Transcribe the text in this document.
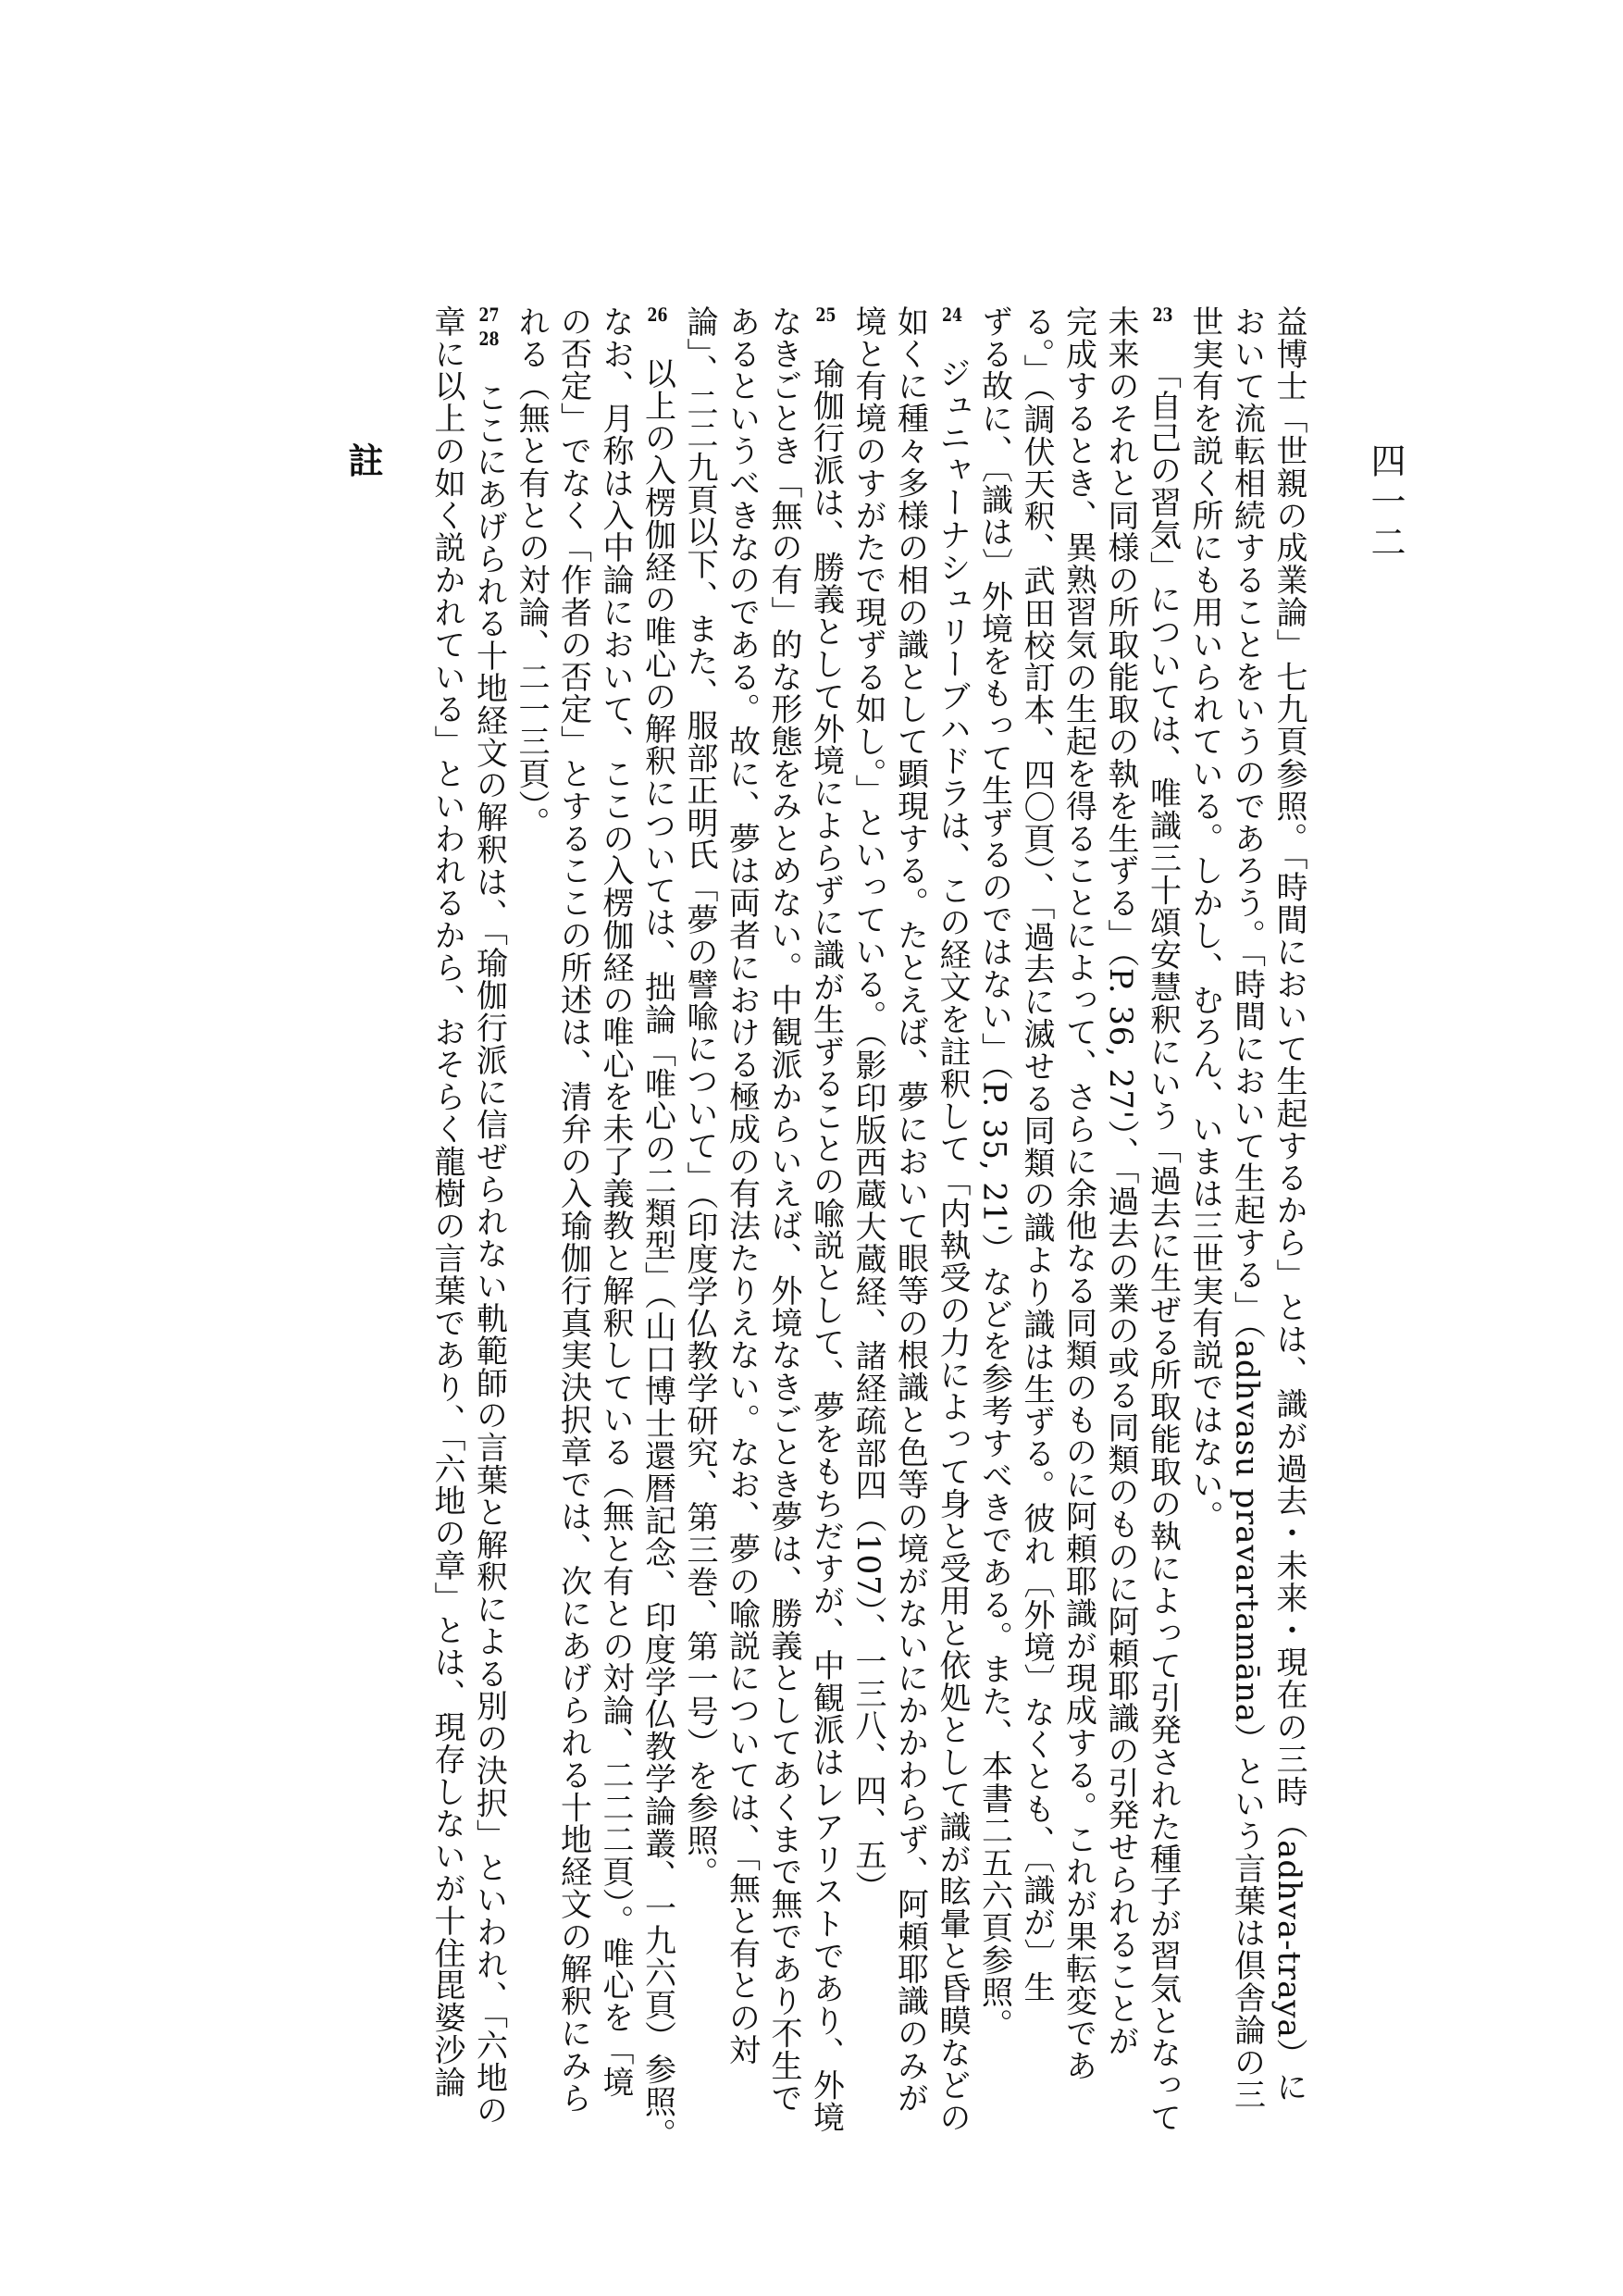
四一二
註	益博士「世親の成業論」七九頁参照。「時間において生起するから」とは、識が過去・未来・現在の三時（adhva-traya）に
おいて流転相続することをいうのであろう。「時間において生起する」（adhvasu pravartamāna）という言葉は倶舎論の三
世実有を説く所にも用いられている。しかし、むろん、いまは三世実有説ではない。
23「自己の習気」については、唯識三十頌安慧釈にいう「過去に生ぜる所取能取の執によって引発された種子が習気となって
未来のそれと同様の所取能取の執を生ずる」（P. 36, 27'）、「過去の業の或る同類のものに阿頼耶識の引発せられることが
完成するとき、異熟習気の生起を得ることによって、さらに余他なる同類のものに阿頼耶識が現成する。これが果転変であ
る。」（調伏天釈、武田校訂本、四〇頁）、「過去に滅せる同類の識より識は生ずる。彼れ〔外境〕なくとも、〔識が〕生
ずる故に、〔識は〕外境をもって生ずるのではない」（P. 35, 21'）などを参考すべきである。また、本書二五六頁参照。
24ジュニャーナシュリーブハドラは、この経文を註釈して「内執受の力によって身と受用と依処として識が眩暈と昏瞙などの
如くに種々多様の相の識として顕現する。たとえば、夢において眼等の根識と色等の境がないにかかわらず、阿頼耶識のみが
境と有境のすがたで現ずる如し。」といっている。（影印版西蔵大蔵経、諸経疏部四（107）、一三八、四、五）
25瑜伽行派は、勝義として外境によらずに識が生ずることの喩説として、夢をもちだすが、中観派はレアリストであり、外境
なきごとき「無の有」的な形態をみとめない。中観派からいえば、外境なきごとき夢は、勝義としてあくまで無であり不生で
あるというべきなのである。故に、夢は両者における極成の有法たりえない。なお、夢の喩説については、「無と有との対
論」、二二九頁以下、また、服部正明氏「夢の譬喩について」（印度学仏教学研究、第三巻、第一号）を参照。
26以上の入楞伽経の唯心の解釈については、拙論「唯心の二類型」（山口博士還暦記念、印度学仏教学論叢、一九六頁）参照。
なお、月称は入中論において、ここの入楞伽経の唯心を未了義教と解釈している（無と有との対論、二二二頁）。唯心を「境
の否定」でなく「作者の否定」とするここの所述は、清弁の入瑜伽行真実決択章では、次にあげられる十地経文の解釈にみら
れる（無と有との対論、二一三頁）。
2728ここにあげられる十地経文の解釈は、「瑜伽行派に信ぜられない軌範師の言葉と解釈による別の決択」といわれ、「六地の
章に以上の如く説かれている」といわれるから、おそらく龍樹の言葉であり、「六地の章」とは、現存しないが十住毘婆沙論
